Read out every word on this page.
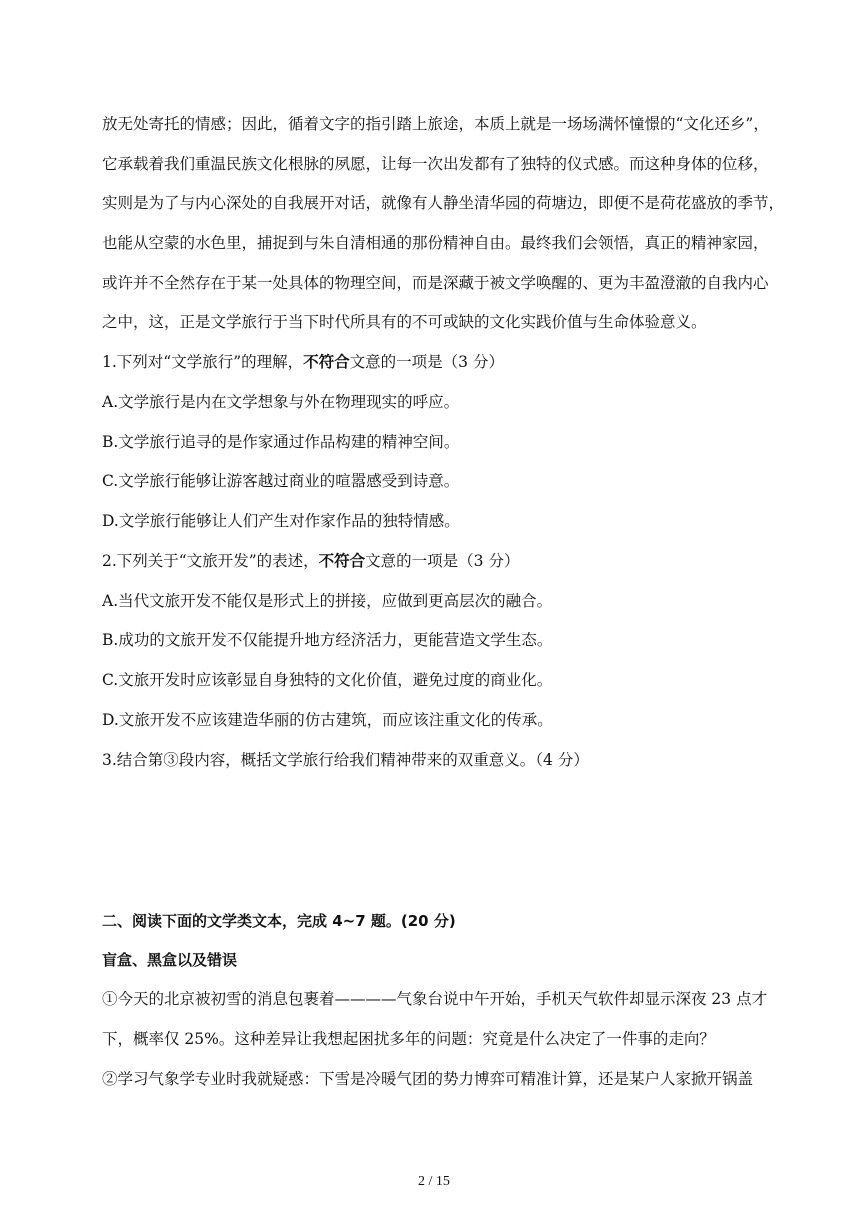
放无处寄托的情感；因此，循着文字的指引踏上旅途，本质上就是一场场满怀憧憬的“文化还乡”，
它承载着我们重温民族文化根脉的夙愿，让每一次出发都有了独特的仪式感。而这种身体的位移，
实则是为了与内心深处的自我展开对话，就像有人静坐清华园的荷塘边，即便不是荷花盛放的季节，
也能从空蒙的水色里，捕捉到与朱自清相通的那份精神自由。最终我们会领悟，真正的精神家园，
或许并不全然存在于某一处具体的物理空间，而是深藏于被文学唤醒的、更为丰盈澄澈的自我内心
之中，这，正是文学旅行于当下时代所具有的不可或缺的文化实践价值与生命体验意义。
1.下列对“文学旅行”的理解，不符合文意的一项是（3 分）
A.文学旅行是内在文学想象与外在物理现实的呼应。
B.文学旅行追寻的是作家通过作品构建的精神空间。
C.文学旅行能够让游客越过商业的喧嚣感受到诗意。
D.文学旅行能够让人们产生对作家作品的独特情感。
2.下列关于“文旅开发”的表述，不符合文意的一项是（3 分）
A.当代文旅开发不能仅是形式上的拼接，应做到更高层次的融合。
B.成功的文旅开发不仅能提升地方经济活力，更能营造文学生态。
C.文旅开发时应该彰显自身独特的文化价值，避免过度的商业化。
D.文旅开发不应该建造华丽的仿古建筑，而应该注重文化的传承。
3.结合第③段内容，概括文学旅行给我们精神带来的双重意义。（4 分）
二、阅读下面的文学类文本，完成 4~7 题。(20 分)
盲盒、黑盒以及错误
①今天的北京被初雪的消息包裹着————气象台说中午开始，手机天气软件却显示深夜 23 点才
下，概率仅 25%。这种差异让我想起困扰多年的问题：究竟是什么决定了一件事的走向？
②学习气象学专业时我就疑惑：下雪是冷暖气团的势力博弈可精准计算，还是某户人家掀开锅盖
2 / 15
